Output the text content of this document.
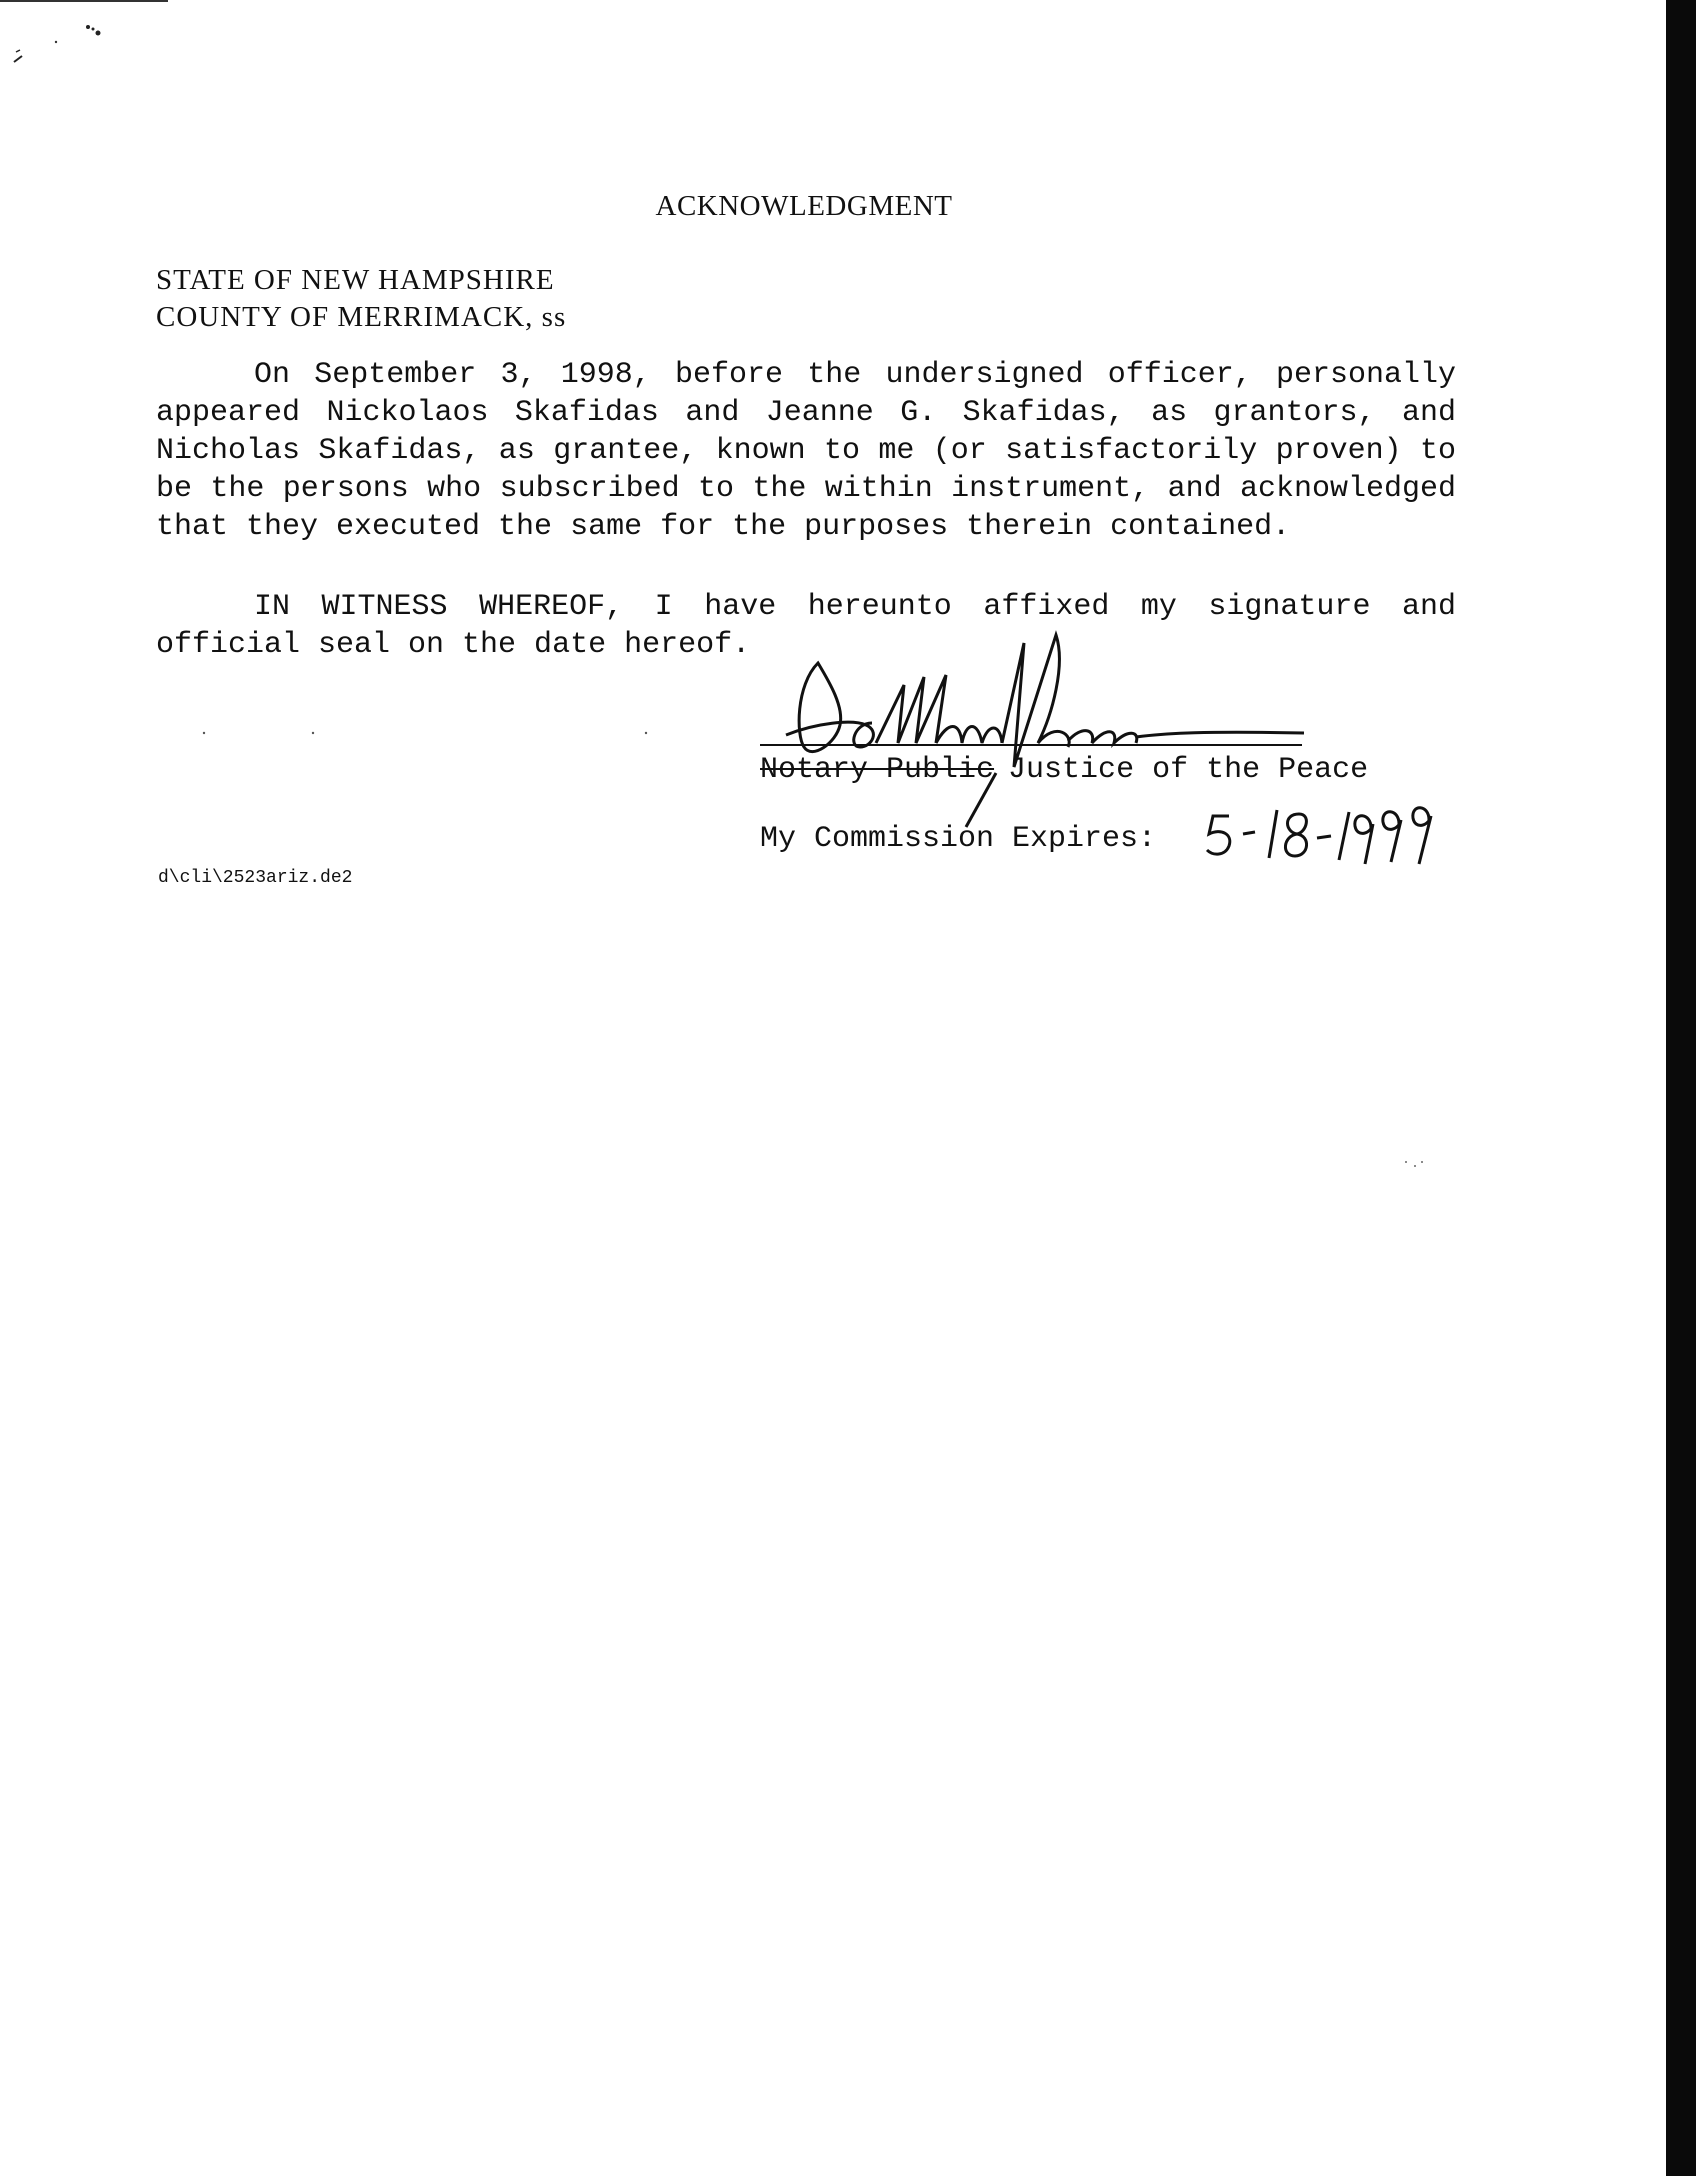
ACKNOWLEDGMENT
STATE OF NEW HAMPSHIRE
COUNTY OF MERRIMACK, ss
On September 3, 1998, before the undersigned officer, personally appeared Nickolaos Skafidas and Jeanne G. Skafidas, as grantors, and Nicholas Skafidas, as grantee, known to me (or satisfactorily proven) to be the persons who subscribed to the within instrument, and acknowledged that they executed the same for the purposes therein contained.
IN WITNESS WHEREOF, I have hereunto affixed my signature and official seal on the date hereof.
Notary Public Justice of the Peace
My Commission Expires:
d\cli\2523ariz.de2
